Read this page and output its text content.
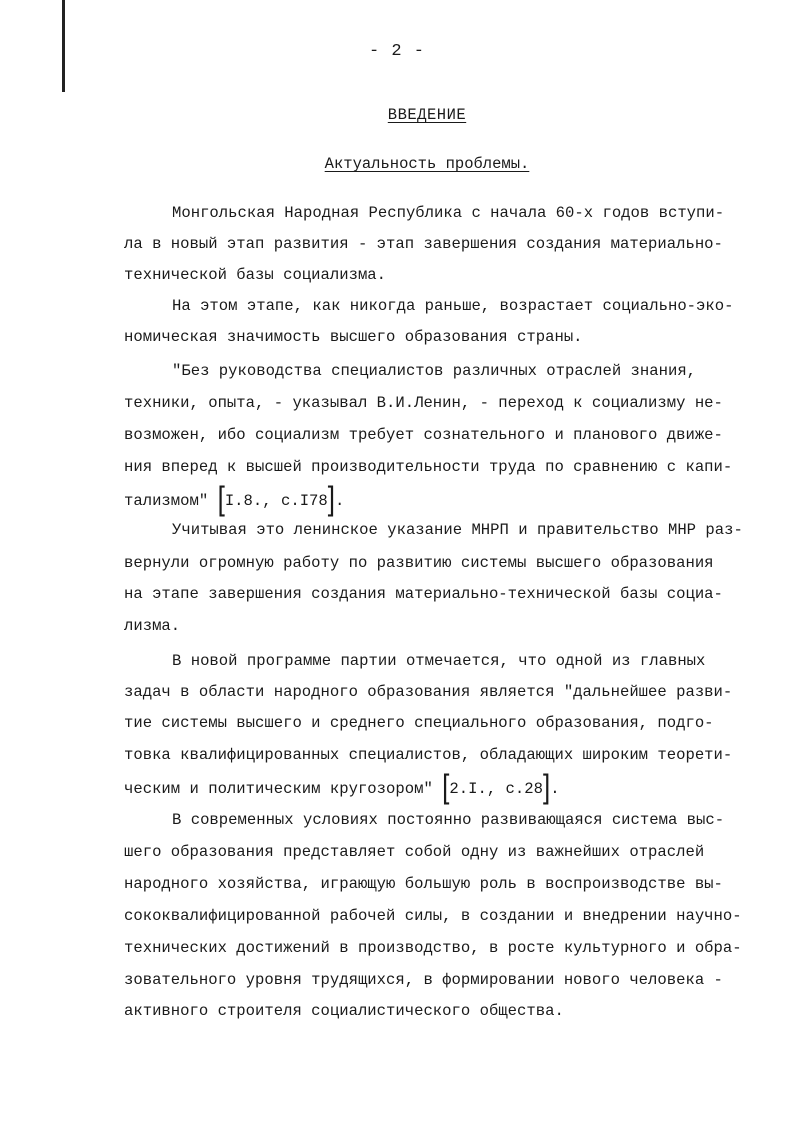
- 2 -
ВВЕДЕНИЕ
Актуальность проблемы.
Монгольская Народная Республика с начала 60-х годов вступи-
ла в новый этап развития - этап завершения создания материально-
технической базы социализма.
На этом этапе, как никогда раньше, возрастает социально-эко-
номическая значимость высшего образования страны.
"Без руководства специалистов различных отраслей знания,
техники, опыта, - указывал В.И.Ленин, - переход к социализму не-
возможен, ибо социализм требует сознательного и планового движе-
ния вперед к высшей производительности труда по сравнению с капи-
тализмом" [I.8., с.I78].
Учитывая это ленинское указание МНРП и правительство МНР раз-
вернули огромную работу по развитию системы высшего образования
на этапе завершения создания материально-технической базы социа-
лизма.
В новой программе партии отмечается, что одной из главных
задач в области народного образования является "дальнейшее разви-
тие системы высшего и среднего специального образования, подго-
товка квалифицированных специалистов, обладающих широким теорети-
ческим и политическим кругозором" [2.I., с.28].
В современных условиях постоянно развивающаяся система выс-
шего образования представляет собой одну из важнейших отраслей
народного хозяйства, играющую большую роль в воспроизводстве вы-
сококвалифицированной рабочей силы, в создании и внедрении научно-
технических достижений в производство, в росте культурного и обра-
зовательного уровня трудящихся, в формировании нового человека -
активного строителя социалистического общества.
